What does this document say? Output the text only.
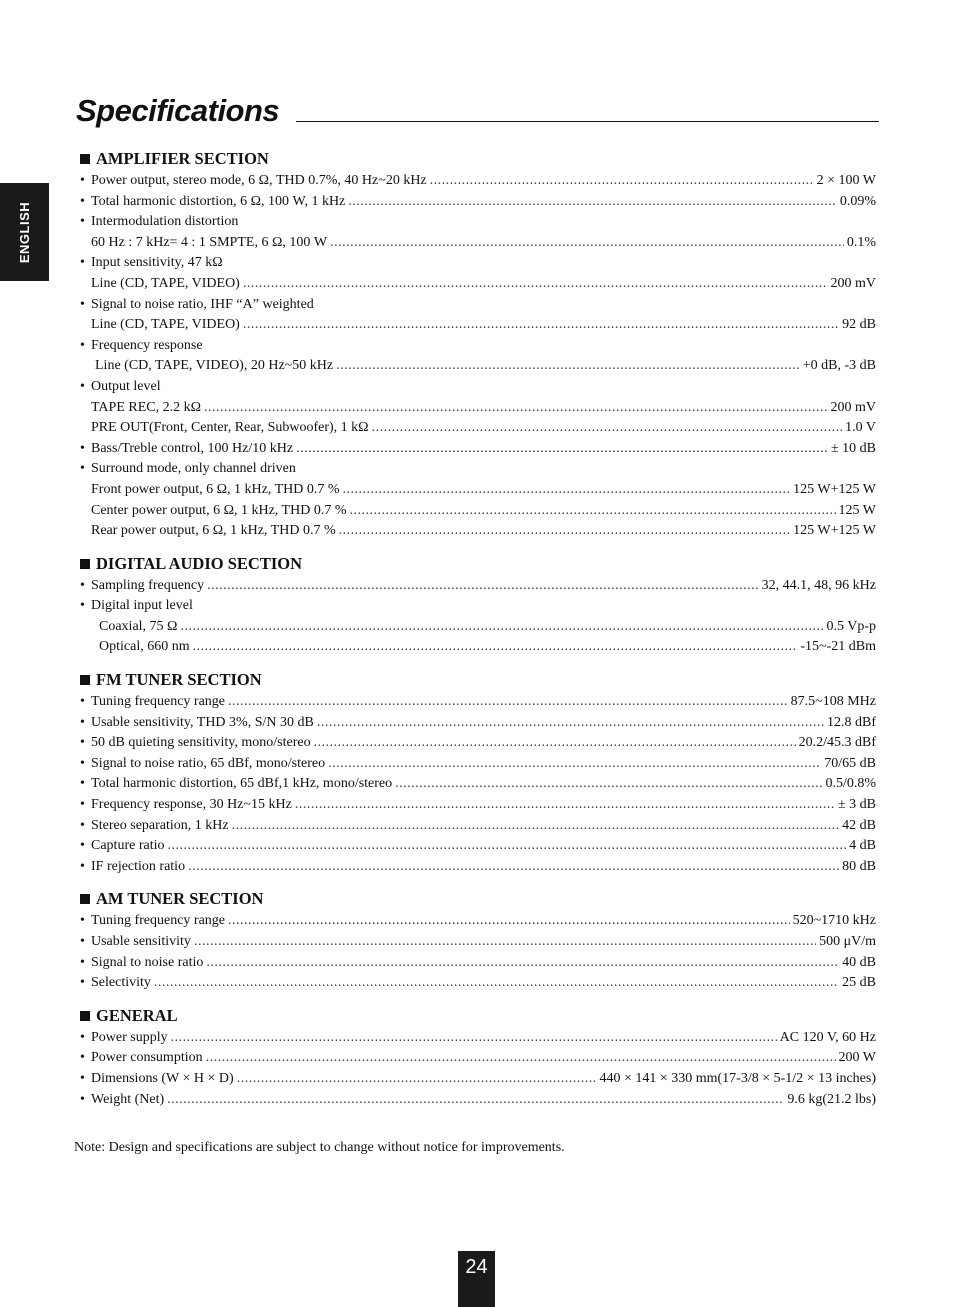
Specifications
ENGLISH
AMPLIFIER SECTION
• Power output, stereo mode, 6 Ω, THD 0.7%, 40 Hz~20 kHz .....	2 × 100 W
• Total harmonic distortion, 6 Ω, 100 W, 1 kHz .....	0.09%
• Intermodulation distortion
60 Hz : 7 kHz= 4 : 1 SMPTE, 6 Ω, 100 W .....	0.1%
• Input sensitivity, 47 kΩ
Line (CD, TAPE, VIDEO) .....	200 mV
• Signal to noise ratio, IHF “A” weighted
Line (CD, TAPE, VIDEO) .....	92 dB
• Frequency response
Line (CD, TAPE, VIDEO), 20 Hz~50 kHz .....	+0 dB, -3 dB
• Output level
TAPE REC, 2.2 kΩ .....	200 mV
PRE OUT(Front, Center, Rear, Subwoofer), 1 kΩ .....	1.0 V
• Bass/Treble control, 100 Hz/10 kHz .....	± 10 dB
• Surround mode, only channel driven
Front power output, 6 Ω, 1 kHz, THD 0.7 % .....	125 W+125 W
Center power output, 6 Ω, 1 kHz, THD 0.7 % .....	125 W
Rear power output, 6 Ω, 1 kHz, THD 0.7 % .....	125 W+125 W
DIGITAL AUDIO SECTION
• Sampling frequency .....	32, 44.1, 48, 96 kHz
• Digital input level
Coaxial, 75 Ω .....	0.5 Vp-p
Optical, 660 nm .....	-15~-21 dBm
FM TUNER SECTION
• Tuning frequency range .....	87.5~108 MHz
• Usable sensitivity, THD 3%, S/N 30 dB .....	12.8 dBf
• 50 dB quieting sensitivity, mono/stereo .....	20.2/45.3 dBf
• Signal to noise ratio, 65 dBf, mono/stereo .....	70/65 dB
• Total harmonic distortion, 65 dBf,1 kHz, mono/stereo .....	0.5/0.8%
• Frequency response, 30 Hz~15 kHz .....	± 3 dB
• Stereo separation, 1 kHz .....	42 dB
• Capture ratio .....	4 dB
• IF rejection ratio .....	80 dB
AM TUNER SECTION
• Tuning frequency range .....	520~1710 kHz
• Usable sensitivity .....	500 μV/m
• Signal to noise ratio .....	40 dB
• Selectivity .....	25 dB
GENERAL
• Power supply .....	AC 120 V, 60 Hz
• Power consumption .....	200 W
• Dimensions (W × H × D) .....	440 × 141 × 330 mm(17-3/8 × 5-1/2 × 13 inches)
• Weight (Net) .....	9.6 kg(21.2 lbs)
Note: Design and specifications are subject to change without notice for improvements.
24
